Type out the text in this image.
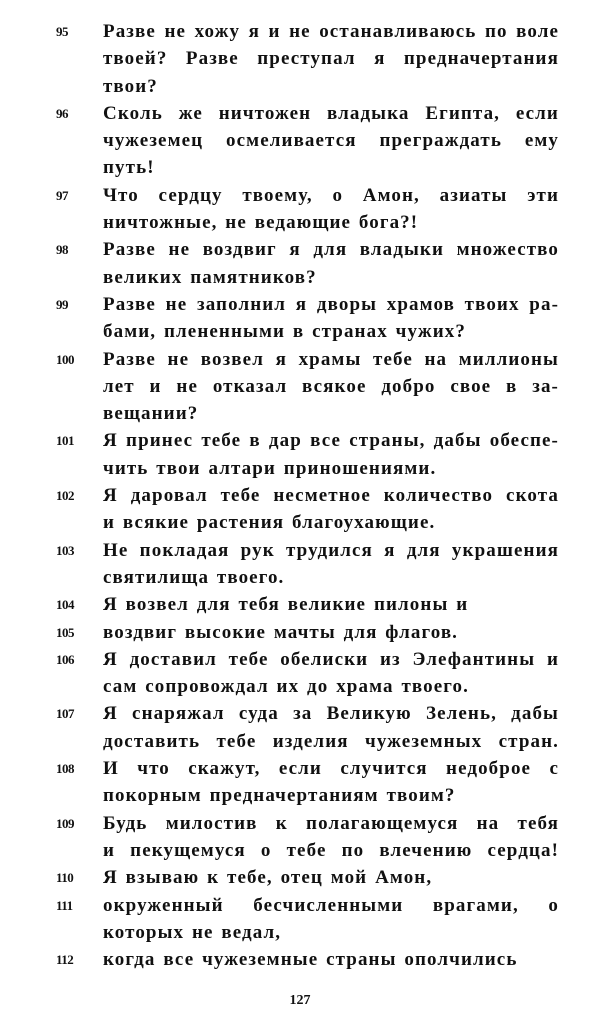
95	Разве не хожу я и не останавливаюсь по воле
твоей? Разве преступал я предначертания
твои?
96	Сколь же ничтожен владыка Египта, если
чужеземец осмеливается преграждать ему
путь!
97	Что сердцу твоему, о Амон, азиаты эти
ничтожные, не ведающие бога?!
98	Разве не воздвиг я для владыки множество
великих памятников?
99	Разве не заполнил я дворы храмов твоих ра-
бами, плененными в странах чужих?
100	Разве не возвел я храмы тебе на миллионы
лет и не отказал всякое добро свое в за-
вещании?
101	Я принес тебе в дар все страны, дабы обеспе-
чить твои алтари приношениями.
102	Я даровал тебе несметное количество скота
и всякие растения благоухающие.
103	Не покладая рук трудился я для украшения
святилища твоего.
104	Я возвел для тебя великие пилоны и
105	воздвиг высокие мачты для флагов.
106	Я доставил тебе обелиски из Элефантины и
сам сопровождал их до храма твоего.
107	Я снаряжал суда за Великую Зелень, дабы
доставить тебе изделия чужеземных стран.
108	И что скажут, если случится недоброе с
покорным предначертаниям твоим?
109	Будь милостив к полагающемуся на тебя
и пекущемуся о тебе по влечению сердца!
110	Я взываю к тебе, отец мой Амон,
111	окруженный бесчисленными врагами, о
которых не ведал,
112	когда все чужеземные страны ополчились
127
